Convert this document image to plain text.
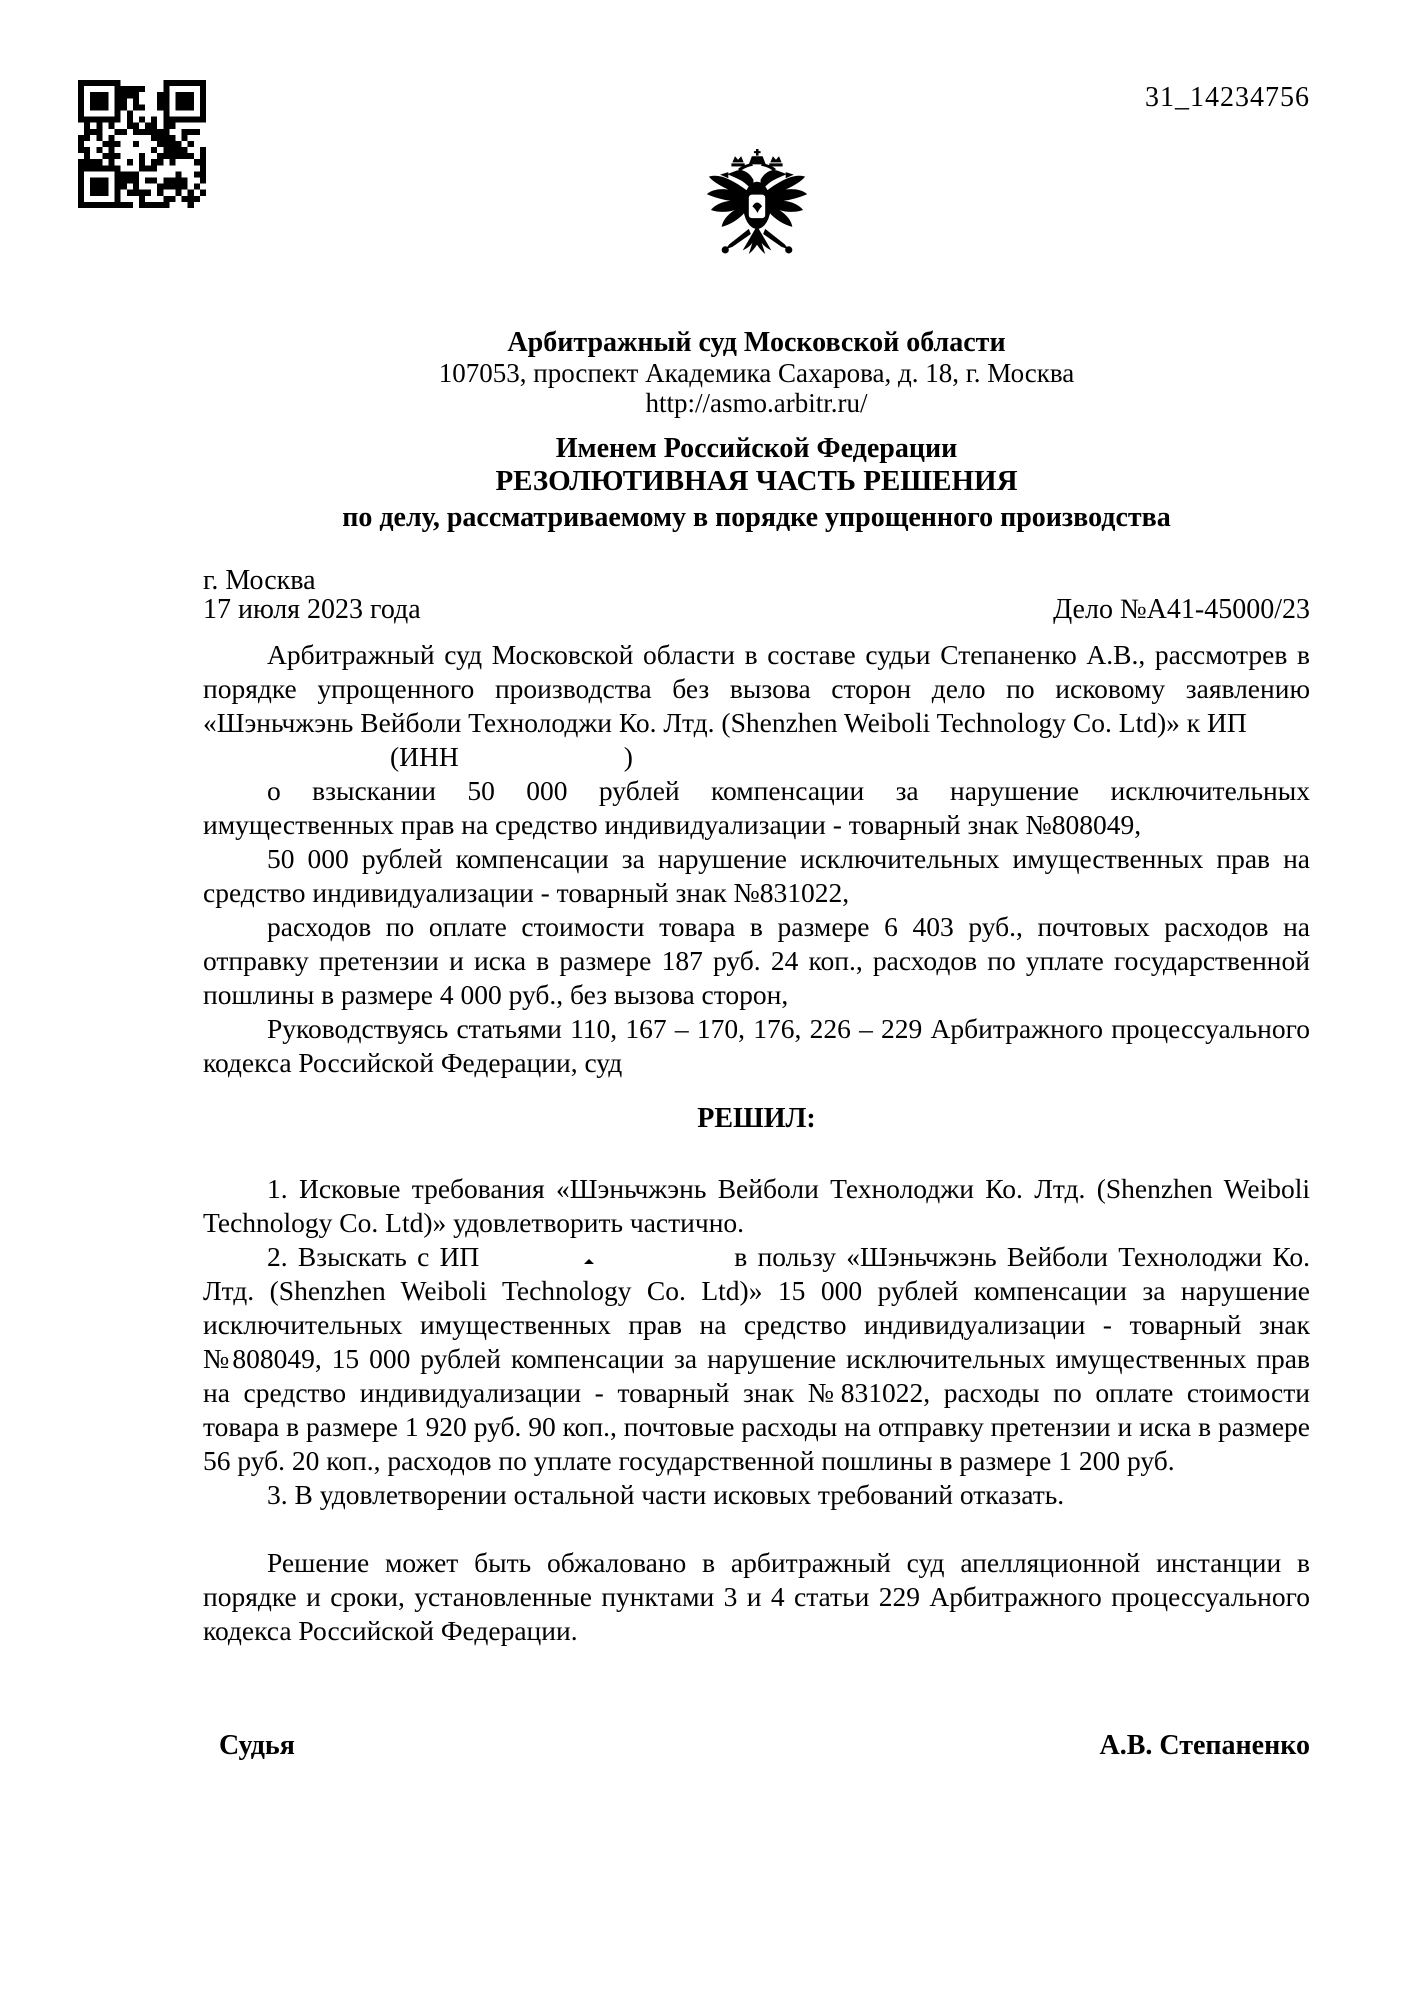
31_14234756
Арбитражный суд Московской области
107053, проспект Академика Сахарова, д. 18, г. Москва
http://asmo.arbitr.ru/
Именем Российской Федерации
РЕЗОЛЮТИВНАЯ ЧАСТЬ РЕШЕНИЯ
по делу, рассматриваемому в порядке упрощенного производства
г. Москва
17 июля 2023 года	Дело №А41-45000/23
Арбитражный суд Московской области в составе судьи Степаненко А.В., рассмотрев в порядке упрощенного производства без вызова сторон дело по исковому заявлению «Шэньчжэнь Вейболи Технолоджи Ко. Лтд. (Shenzhen Weiboli Technology Co. Ltd)» к ИП
(ИНН	)
о взыскании 50 000 рублей компенсации за нарушение исключительных имущественных прав на средство индивидуализации - товарный знак №808049,
50 000 рублей компенсации за нарушение исключительных имущественных прав на средство индивидуализации - товарный знак №831022,
расходов по оплате стоимости товара в размере 6 403 руб., почтовых расходов на отправку претензии и иска в размере 187 руб. 24 коп., расходов по уплате государственной пошлины в размере 4 000 руб., без вызова сторон,
Руководствуясь статьями 110, 167 – 170, 176, 226 – 229 Арбитражного процессуального кодекса Российской Федерации, суд
РЕШИЛ:
1. Исковые требования «Шэньчжэнь Вейболи Технолоджи Ко. Лтд. (Shenzhen Weiboli Technology Co. Ltd)» удовлетворить частично.
2. Взыскать с ИП	в пользу «Шэньчжэнь Вейболи Технолоджи Ко. Лтд. (Shenzhen Weiboli Technology Co. Ltd)» 15 000 рублей компенсации за нарушение исключительных имущественных прав на средство индивидуализации - товарный знак №808049, 15 000 рублей компенсации за нарушение исключительных имущественных прав на средство индивидуализации - товарный знак №831022, расходы по оплате стоимости товара в размере 1 920 руб. 90 коп., почтовые расходы на отправку претензии и иска в размере 56 руб. 20 коп., расходов по уплате государственной пошлины в размере 1 200 руб.
3. В удовлетворении остальной части исковых требований отказать.
Решение может быть обжаловано в арбитражный суд апелляционной инстанции в порядке и сроки, установленные пунктами 3 и 4 статьи 229 Арбитражного процессуального кодекса Российской Федерации.
Судья	А.В. Степаненко
